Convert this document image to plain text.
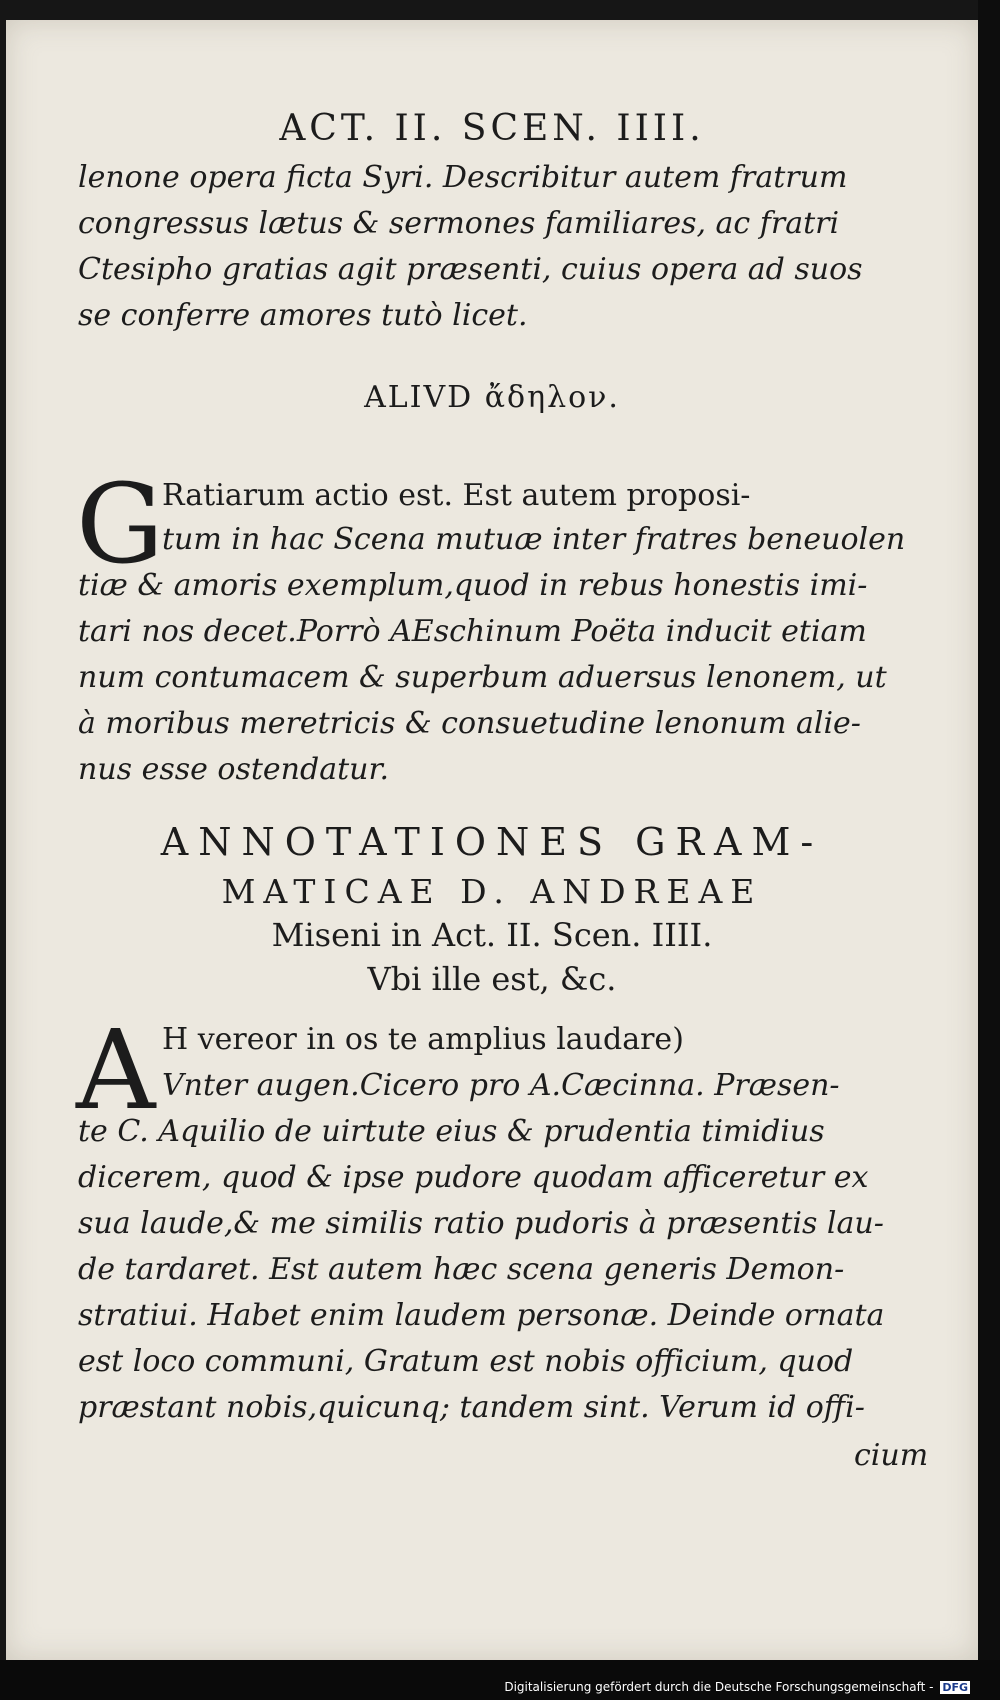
ACT. II. SCEN. IIII.
lenone opera ficta Syri. Describitur autem fratrum
congressus lætus & sermones familiares, ac fratri
Ctesipho gratias agit præsenti, cuius opera ad suos
se conferre amores tutò licet.
ALIVD ἄδηλον.
G
Ratiarum actio est. Est autem proposi-
tum in hac Scena mutuæ inter fratres beneuolen
tiæ & amoris exemplum,quod in rebus honestis imi-
tari nos decet.Porrò AEschinum Poëta inducit etiam
num contumacem & superbum aduersus lenonem, ut
à moribus meretricis & consuetudine lenonum alie-
nus esse ostendatur.
ANNOTATIONES GRAM-
MATICAE D. ANDREAE
Miseni in Act. II. Scen. IIII.
Vbi ille est, &c.
A H vereor in os te amplius laudare)
Vnter augen.Cicero pro A.Cæcinna. Præsen-
te C. Aquilio de uirtute eius & prudentia timidius
dicerem, quod & ipse pudore quodam afficeretur ex
sua laude,& me similis ratio pudoris à præsentis lau-
de tardaret. Est autem hæc scena generis Demon-
stratiui. Habet enim laudem personæ. Deinde ornata
est loco communi, Gratum est nobis officium, quod
præstant nobis,quicunq; tandem sint. Verum id offi-
cium
Digitalisierung gefördert durch die Deutsche Forschungsgemeinschaft - DFG
